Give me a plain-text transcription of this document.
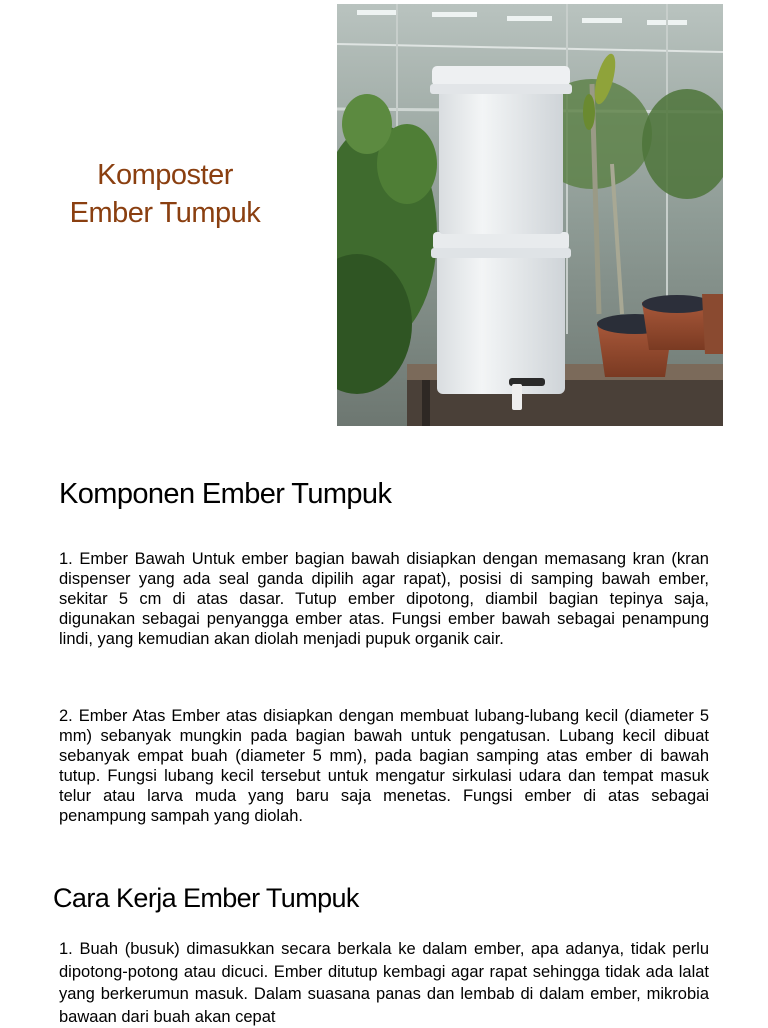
Komposter
Ember Tumpuk
Komponen Ember Tumpuk

1. Ember Bawah Untuk ember bagian bawah disiapkan dengan memasang kran (kran dispenser yang ada seal ganda dipilih agar rapat), posisi di samping bawah ember, sekitar 5 cm di atas dasar. Tutup ember dipotong, diambil bagian tepinya saja, digunakan sebagai penyangga ember atas. Fungsi ember bawah sebagai penampung lindi, yang kemudian akan diolah menjadi pupuk organik cair.

2. Ember Atas Ember atas disiapkan dengan membuat lubang-lubang kecil (diameter 5 mm) sebanyak mungkin pada bagian bawah untuk pengatusan. Lubang kecil dibuat sebanyak empat buah (diameter 5 mm), pada bagian samping atas ember di bawah tutup. Fungsi lubang kecil tersebut untuk mengatur sirkulasi udara dan tempat masuk telur atau larva muda yang baru saja menetas. Fungsi ember di atas sebagai penampung sampah yang diolah.

Cara Kerja Ember Tumpuk

1. Buah (busuk) dimasukkan secara berkala ke dalam ember, apa adanya, tidak perlu dipotong-potong atau dicuci. Ember ditutup kembagi agar rapat sehingga tidak ada lalat yang berkerumun masuk. Dalam suasana panas dan lembab di dalam ember, mikrobia bawaan dari buah akan cepat
